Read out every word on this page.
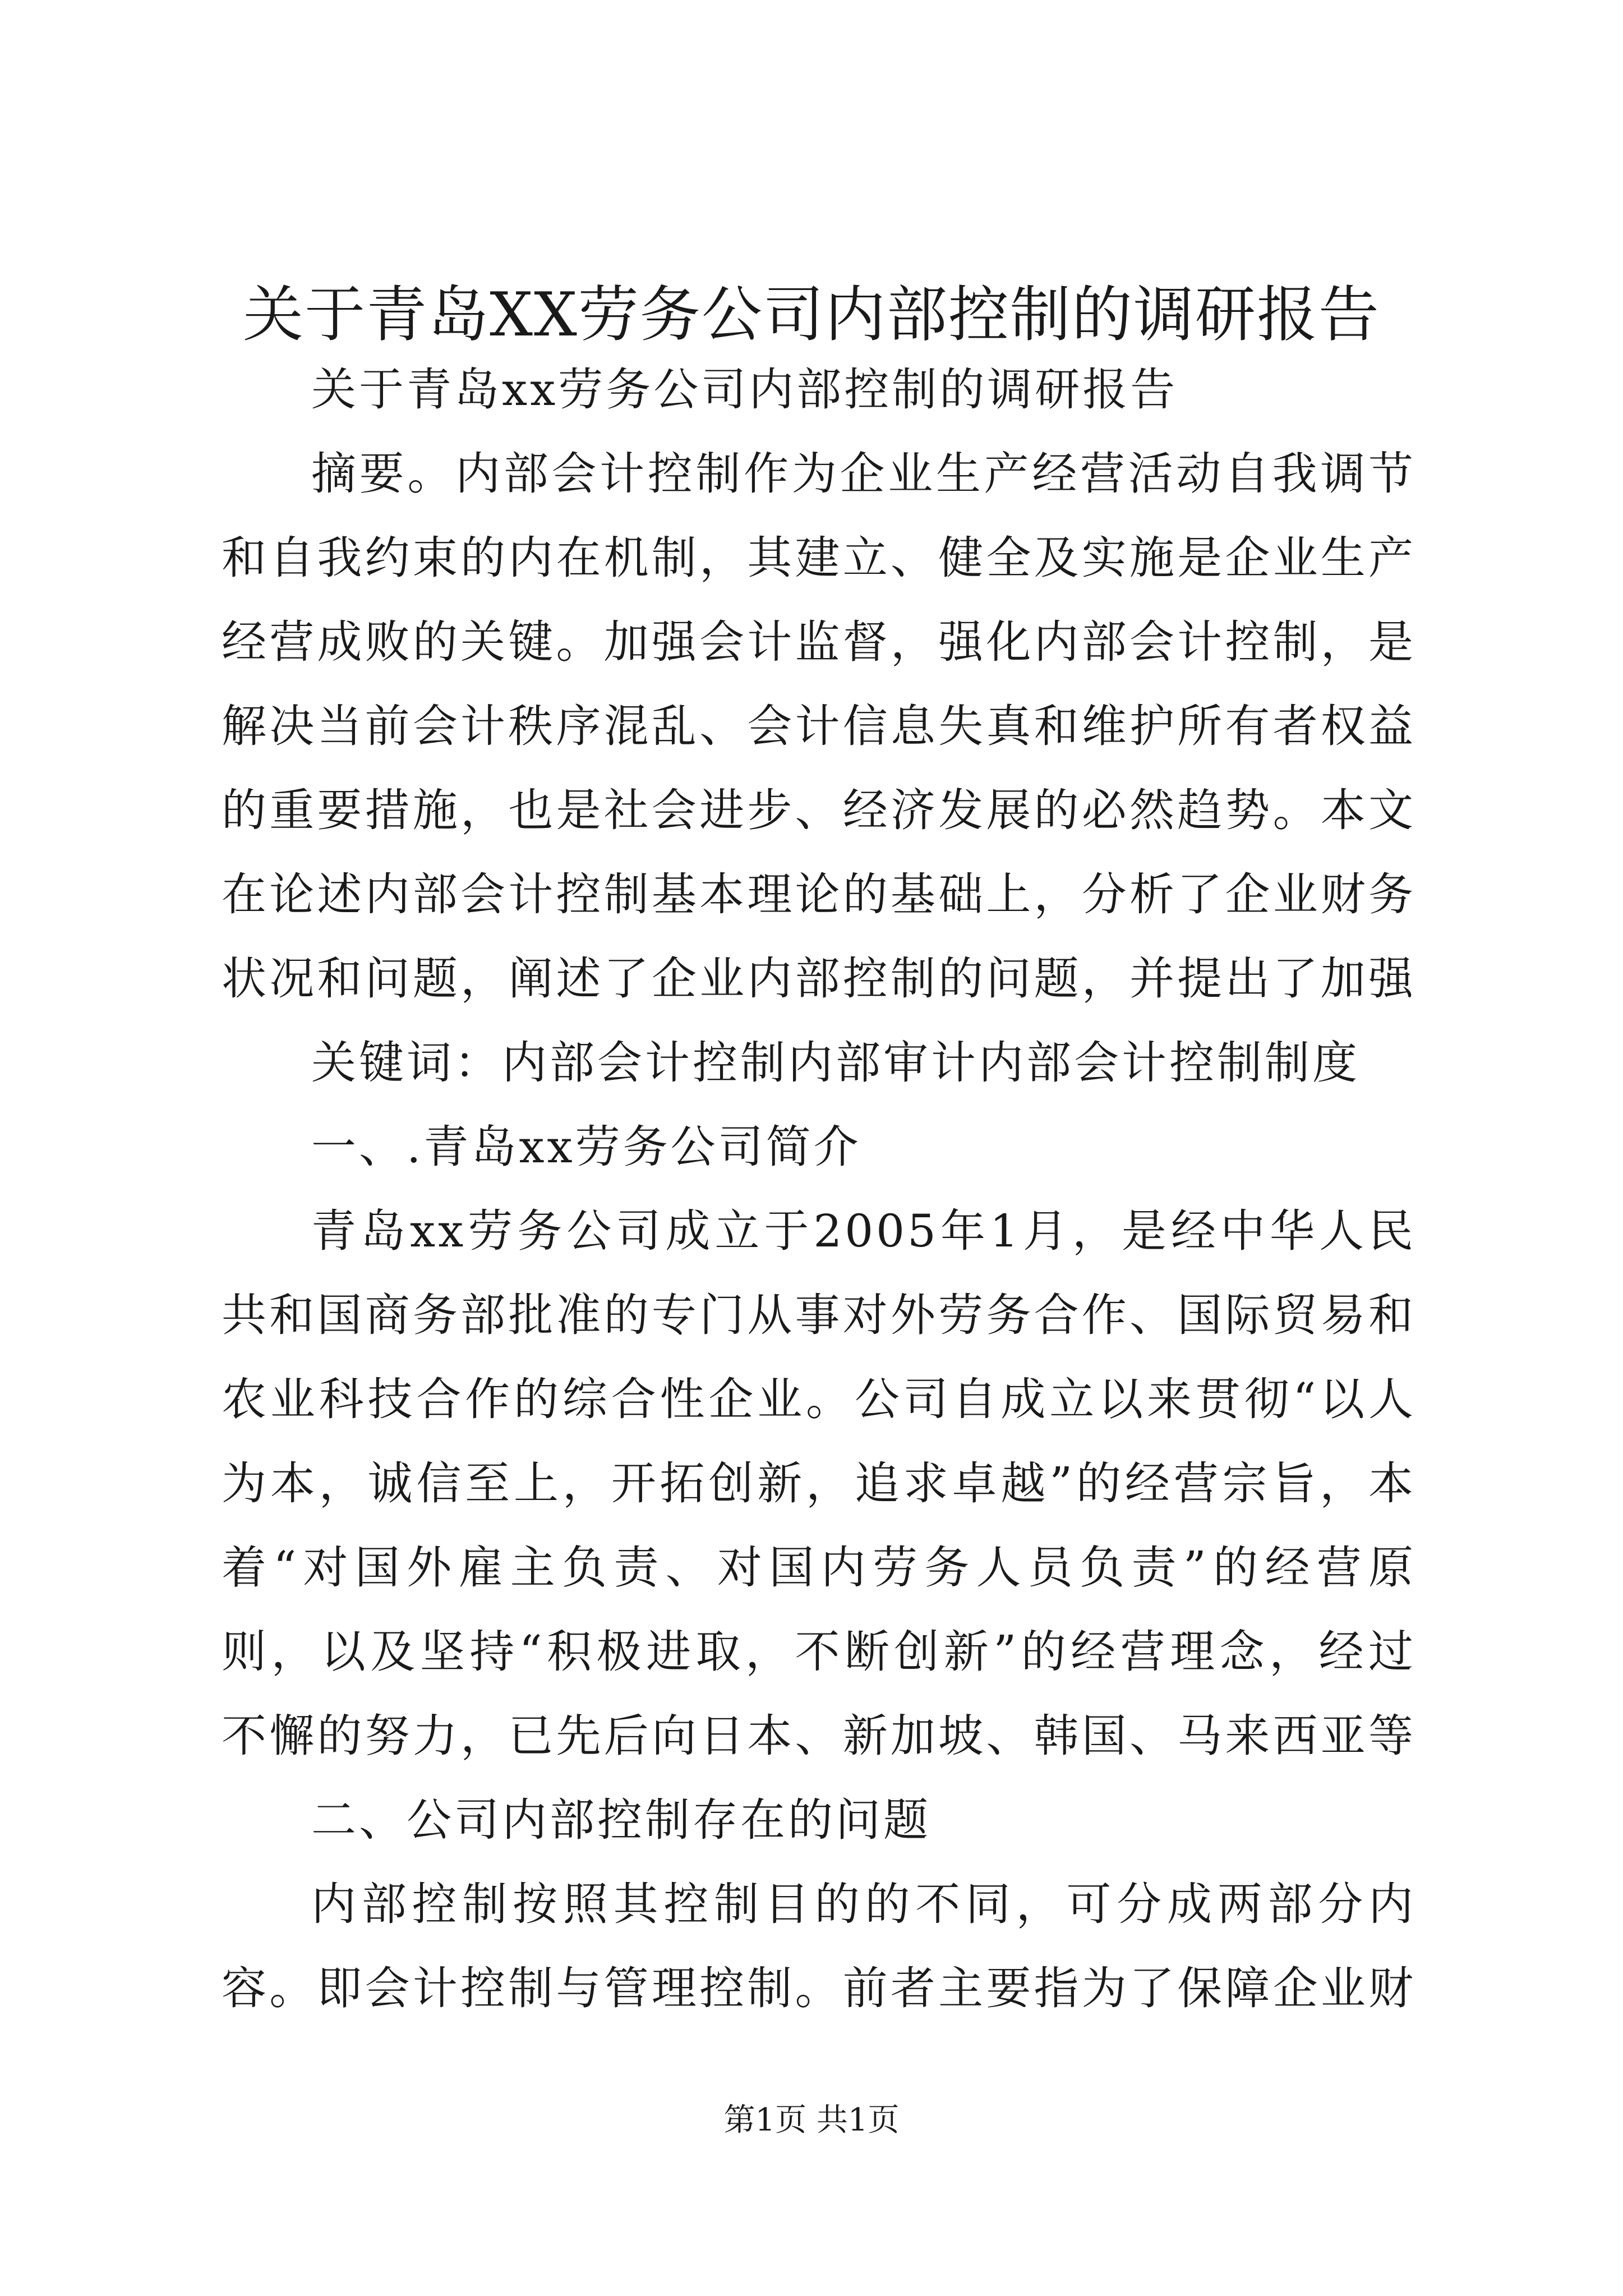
关于青岛XX劳务公司内部控制的调研报告

关于青岛xx劳务公司内部控制的调研报告

摘要。内部会计控制作为企业生产经营活动自我调节和自我约束的内在机制，其建立、健全及实施是企业生产经营成败的关键。加强会计监督，强化内部会计控制，是解决当前会计秩序混乱、会计信息失真和维护所有者权益的重要措施，也是社会进步、经济发展的必然趋势。本文在论述内部会计控制基本理论的基础上，分析了企业财务状况和问题，阐述了企业内部控制的问题，并提出了加强

关键词：内部会计控制内部审计内部会计控制制度

一、.青岛xx劳务公司简介

青岛xx劳务公司成立于2005年1月，是经中华人民共和国商务部批准的专门从事对外劳务合作、国际贸易和农业科技合作的综合性企业。公司自成立以来贯彻“以人为本，诚信至上，开拓创新，追求卓越”的经营宗旨，本着“对国外雇主负责、对国内劳务人员负责”的经营原则，以及坚持“积极进取，不断创新”的经营理念，经过不懈的努力，已先后向日本、新加坡、韩国、马来西亚等

二、公司内部控制存在的问题

内部控制按照其控制目的的不同，可分成两部分内容。即会计控制与管理控制。前者主要指为了保障企业财

第1页 共1页
